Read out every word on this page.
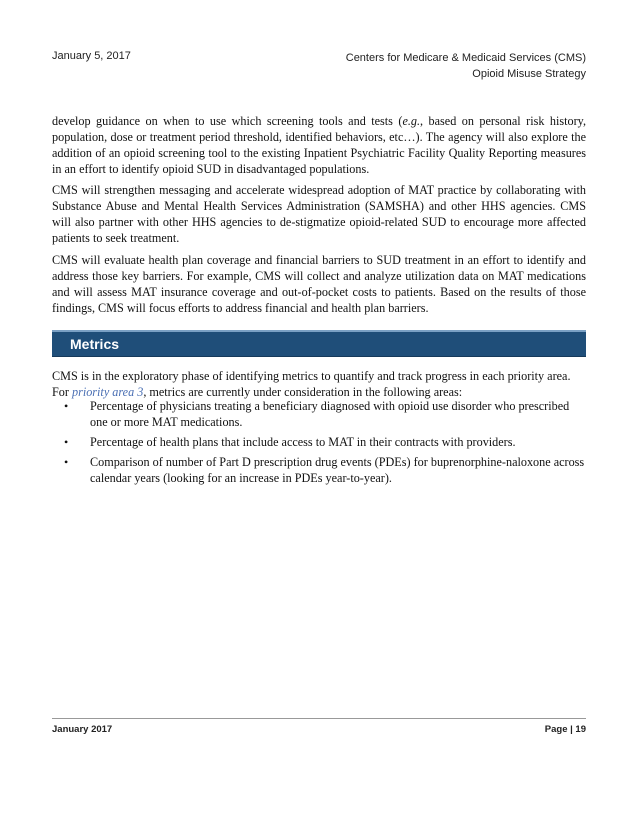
January 5, 2017	Centers for Medicare & Medicaid Services (CMS)
Opioid Misuse Strategy
develop guidance on when to use which screening tools and tests (e.g., based on personal risk history, population, dose or treatment period threshold, identified behaviors, etc…). The agency will also explore the addition of an opioid screening tool to the existing Inpatient Psychiatric Facility Quality Reporting measures in an effort to identify opioid SUD in disadvantaged populations.
CMS will strengthen messaging and accelerate widespread adoption of MAT practice by collaborating with Substance Abuse and Mental Health Services Administration (SAMSHA) and other HHS agencies. CMS will also partner with other HHS agencies to de-stigmatize opioid-related SUD to encourage more affected patients to seek treatment.
CMS will evaluate health plan coverage and financial barriers to SUD treatment in an effort to identify and address those key barriers. For example, CMS will collect and analyze utilization data on MAT medications and will assess MAT insurance coverage and out-of-pocket costs to patients. Based on the results of those findings, CMS will focus efforts to address financial and health plan barriers.
Metrics
CMS is in the exploratory phase of identifying metrics to quantify and track progress in each priority area. For priority area 3, metrics are currently under consideration in the following areas:
• Percentage of physicians treating a beneficiary diagnosed with opioid use disorder who prescribed one or more MAT medications.
• Percentage of health plans that include access to MAT in their contracts with providers.
• Comparison of number of Part D prescription drug events (PDEs) for buprenorphine-naloxone across calendar years (looking for an increase in PDEs year-to-year).
January 2017	Page | 19
